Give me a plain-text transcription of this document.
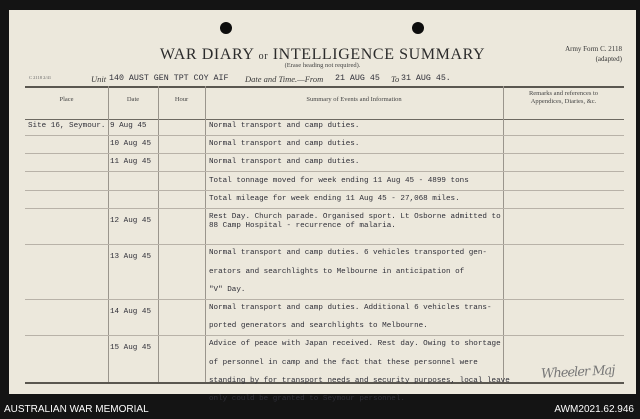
WAR DIARY or INTELLIGENCE SUMMARY
(Erase heading not required).
Army Form C. 2118
(adapted)
C 2118 2/41	Unit 140 AUST GEN TPT COY AIF Date and Time.—From 21 AUG 45 To 31 AUG 45.
Place	Date	Hour	Summary of Events and Information
Remarks and references to
Appendices, Diaries, &c.
Site 16, Seymour. 9 Aug 45	Normal transport and camp duties.
10 Aug 45	Normal transport and camp duties.
11 Aug 45	Normal transport and camp duties.
Total tonnage moved for week ending 11 Aug 45 - 4899 tons
Total mileage for week ending 11 Aug 45 - 27,068 miles.
12 Aug 45	Rest Day. Church parade. Organised sport. Lt Osborne admitted to
88 Camp Hospital - recurrence of malaria.
13 Aug 45	Normal transport and camp duties. 6 vehicles transported gen-
erators and searchlights to Melbourne in anticipation of
"V" Day.
14 Aug 45	Normal transport and camp duties. Additional 6 vehicles trans-
ported generators and searchlights to Melbourne.
15 Aug 45	Advice of peace with Japan received. Rest day. Owing to shortage
of personnel in camp and the fact that these personnel were
standing by for transport needs and security purposes, local leave
only could be granted to Seymour personnel.
Wheeler Maj
AUSTRALIAN WAR MEMORIAL	AWM2021.62.946
